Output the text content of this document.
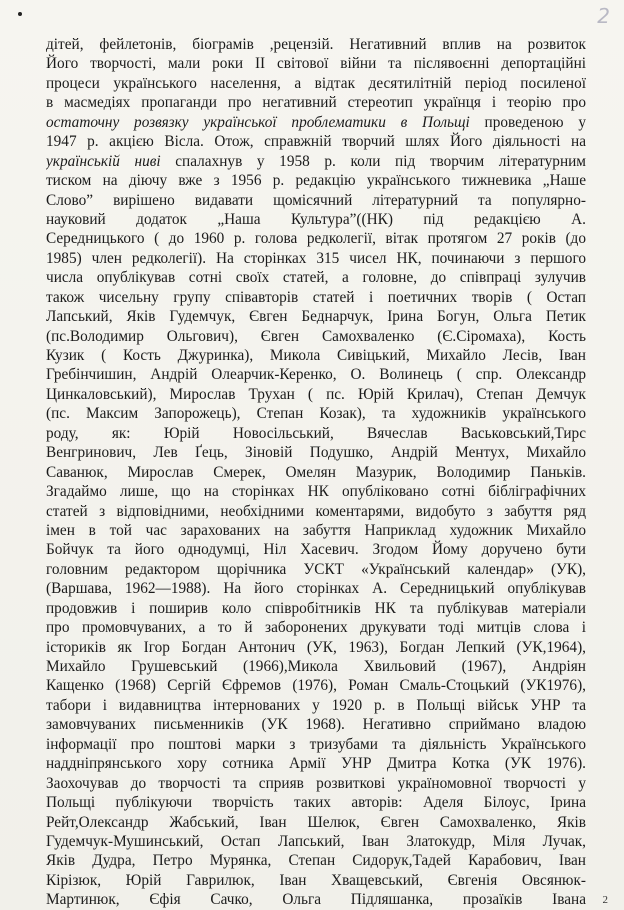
2
дітей, фейлетонів, біограмів ,рецензій. Негативний вплив на розвиток
Його творчості, мали роки II світової війни та післявоєнні депортаційні
процеси українського населення, а відтак десятилітній період посиленої
в масмедіях пропаганди про негативний стереотип українця і теорію про
остаточну розвязку української проблематики в Польщі проведеною у
1947 р. акцією Вісла. Отож, справжній творчий шлях Його діяльності на
українській ниві спалахнув у 1958 р. коли під творчим літературним
тиском на діючу вже з 1956 р. редакцію українського тижневика „Наше
Слово” вирішено видавати щомісячний літературний та популярно-
науковий додаток „Наша Культура”((НК) під редакцією А.
Середницького ( до 1960 р. голова редколегії, вітак протягом 27 років (до
1985) член редколегії). На сторінках 315 чисел НК, починаючи з першого
числа опублікував сотні своїх статей, а головне, до співпраці зулучив
також чисельну групу співавторів статей і поетичних творів ( Остап
Лапський, Яків Гудемчук, Євген Беднарчук, Ірина Богун, Ольга Петик
(пс.Володимир Ольгович), Євген Самохваленко (Є.Сіромаха), Кость
Кузик ( Кость Джуринка), Микола Сивіцький, Михайло Лесів, Іван
Гребінчишин, Андрій Олеарчик-Керенко, О. Волинець ( спр. Олександр
Цинкаловський), Мирослав Трухан ( пс. Юрій Крилач), Степан Демчук
(пс. Максим Запорожець), Степан Козак), та художників українського
роду, як: Юрій Новосільський, Вячеслав Васьковський,Тирс
Венгринович, Лев Ґець, Зіновій Подушко, Андрій Ментух, Михайло
Саванюк, Мирослав Смерек, Омелян Мазурик, Володимир Паньків.
Згадаймо лише, що на сторінках НК опубліковано сотні бібліграфічних
статей з відповідними, необхідними коментарями, видобуто з забуття ряд
імен в той час зарахованих на забуття Наприклад художник Михайло
Бойчук та його однодумці, Ніл Хасевич. Згодом Йому доручено бути
головним редактором щорічника УСКТ «Український календар» (УК),
(Варшава, 1962—1988). На його сторінках А. Середницький опублікував
продовжив і поширив коло співробітників НК та публікував матеріали
про промовчуваних, а то й заборонених друкувати тоді митців слова і
істориків як Ігор Богдан Антонич (УК, 1963), Богдан Лепкий (УК,1964),
Михайло Грушевський (1966),Микола Хвильовий (1967), Андріян
Кащенко (1968) Сергій Єфремов (1976), Роман Смаль-Стоцький (УК1976),
табори і видавництва інтернованих у 1920 р. в Польщі військ УНР та
замовчуваних письменників (УК 1968). Негативно сприймано владою
інформації про поштові марки з тризубами та діяльність Українського
наддніпрянського хору сотника Армії УНР Дмитра Котка (УК 1976).
Заохочував до творчості та сприяв розвиткові україномовної творчості у
Польщі публікуючи творчість таких авторів: Аделя Білоус, Ірина
Рейт,Олександр Жабський, Іван Шелюк, Євген Самохваленко, Яків
Гудемчук-Мушинський, Остап Лапський, Іван Златокудр, Міля Лучак,
Яків Дудра, Петро Мурянка, Степан Сидорук,Тадей Карабович, Іван
Кірізюк, Юрій Гаврилюк, Іван Хващевський, Євгенія Овсянюк-
Мартинюк, Єфія Сачко, Ольга Підляшанка, прозаїків Івана 2
